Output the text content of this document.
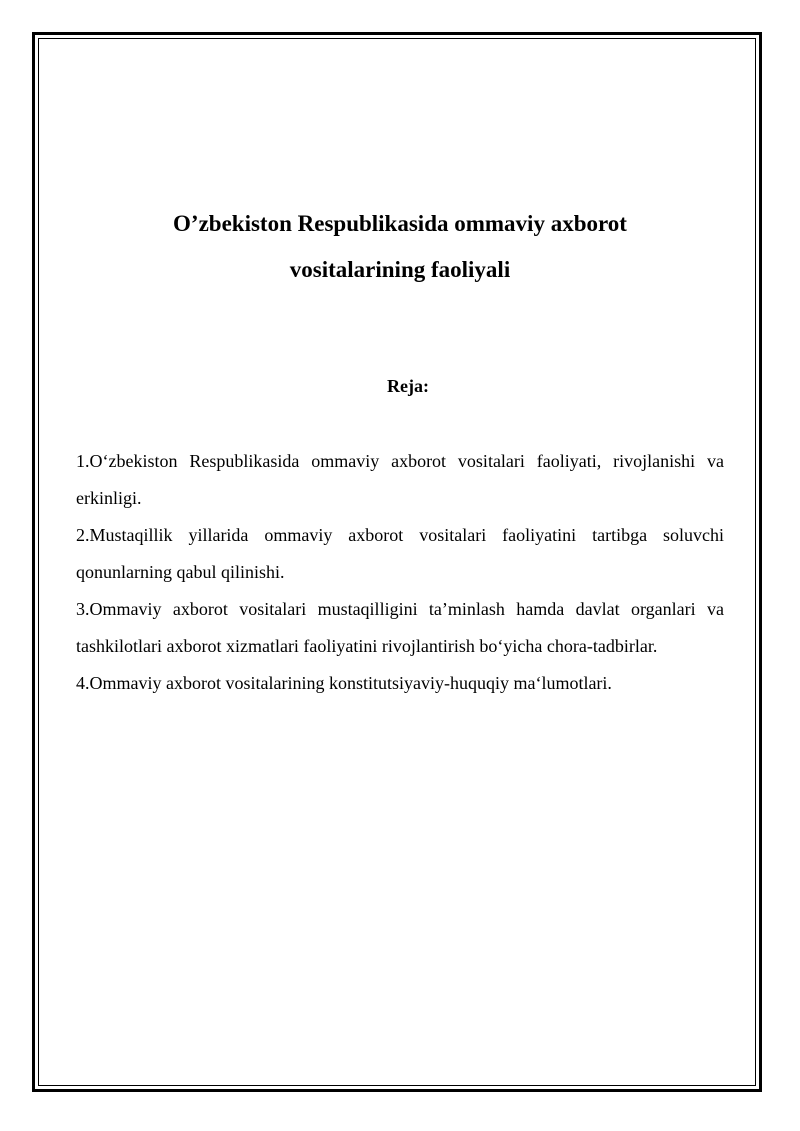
O’zbekiston Respublikasida ommaviy axborot
vositalarining faoliyali
Reja:
1.O‘zbekiston Respublikasida ommaviy axborot vositalari faoliyati, rivojlanishi va erkinligi.
2.Mustaqillik yillarida ommaviy axborot vositalari faoliyatini tartibga soluvchi qonunlarning qabul qilinishi.
3.Ommaviy axborot vositalari mustaqilligini ta’minlash hamda davlat organlari va tashkilotlari axborot xizmatlari faoliyatini rivojlantirish bo‘yicha chora-tadbirlar.
4.Ommaviy axborot vositalarining konstitutsiyaviy-huquqiy ma‘lumotlari.
